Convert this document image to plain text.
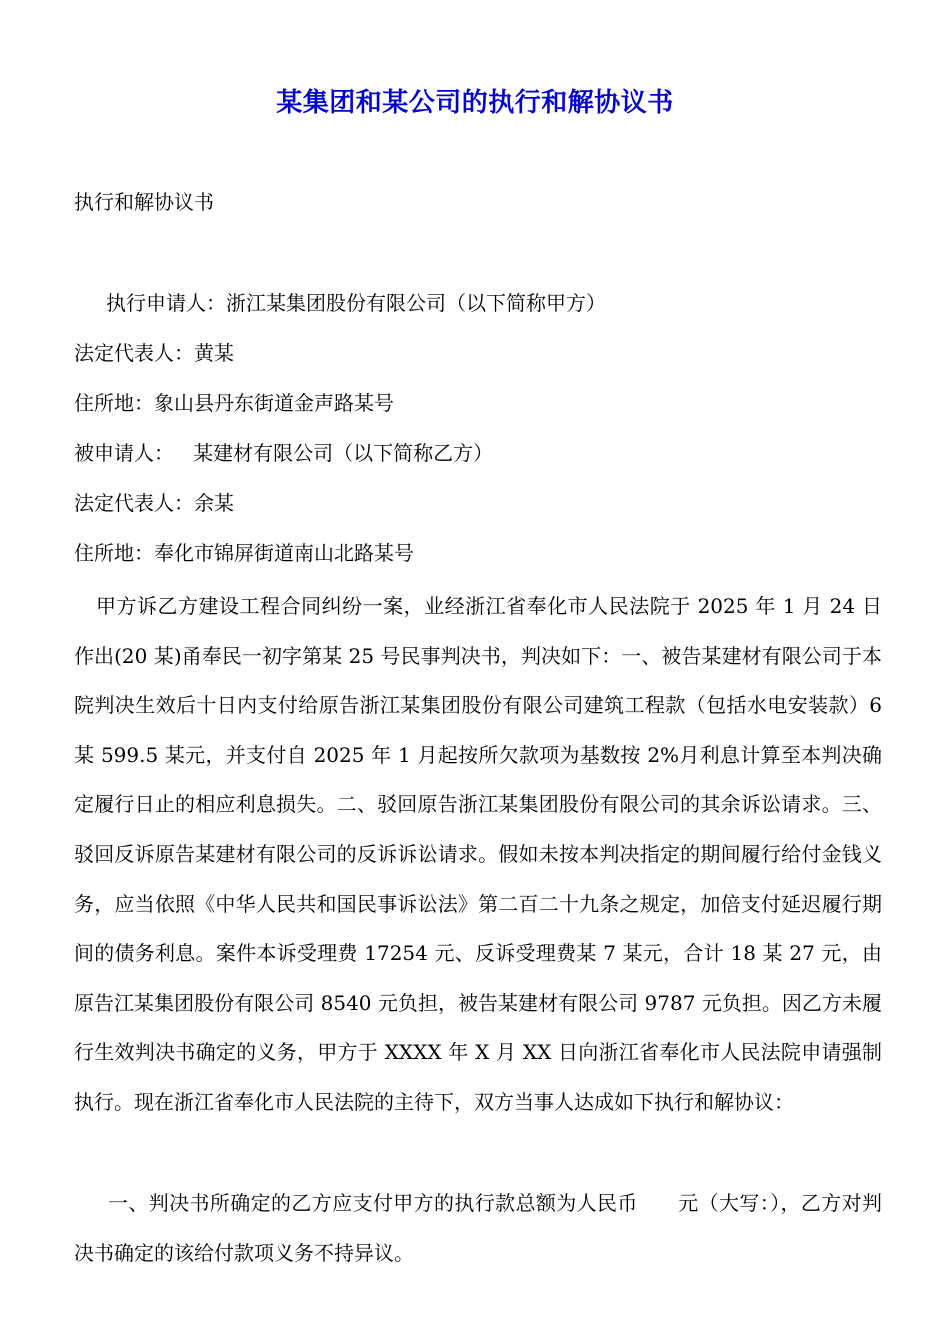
某集团和某公司的执行和解协议书
执行和解协议书
执行申请人：浙江某集团股份有限公司（以下简称甲方）
法定代表人：黄某
住所地：象山县丹东街道金声路某号
被申请人：   某建材有限公司（以下简称乙方）
法定代表人：余某
住所地：奉化市锦屏街道南山北路某号
甲方诉乙方建设工程合同纠纷一案，业经浙江省奉化市人民法院于 2025 年 1 月 24 日作出(20 某)甬奉民一初字第某 25 号民事判决书，判决如下：一、被告某建材有限公司于本院判决生效后十日内支付给原告浙江某集团股份有限公司建筑工程款（包括水电安装款）6 某 599.5 某元，并支付自 2025 年 1 月起按所欠款项为基数按 2%月利息计算至本判决确定履行日止的相应利息损失。二、驳回原告浙江某集团股份有限公司的其余诉讼请求。三、驳回反诉原告某建材有限公司的反诉诉讼请求。假如未按本判决指定的期间履行给付金钱义务，应当依照《中华人民共和国民事诉讼法》第二百二十九条之规定，加倍支付延迟履行期间的债务利息。案件本诉受理费 17254 元、反诉受理费某 7 某元，合计 18 某 27 元，由原告江某集团股份有限公司 8540 元负担，被告某建材有限公司 9787 元负担。因乙方未履行生效判决书确定的义务，甲方于 XXXX 年 X 月 XX 日向浙江省奉化市人民法院申请强制执行。现在浙江省奉化市人民法院的主待下，双方当事人达成如下执行和解协议：
一、判决书所确定的乙方应支付甲方的执行款总额为人民币      元（大写：），乙方对判决书确定的该给付款项义务不持异议。
